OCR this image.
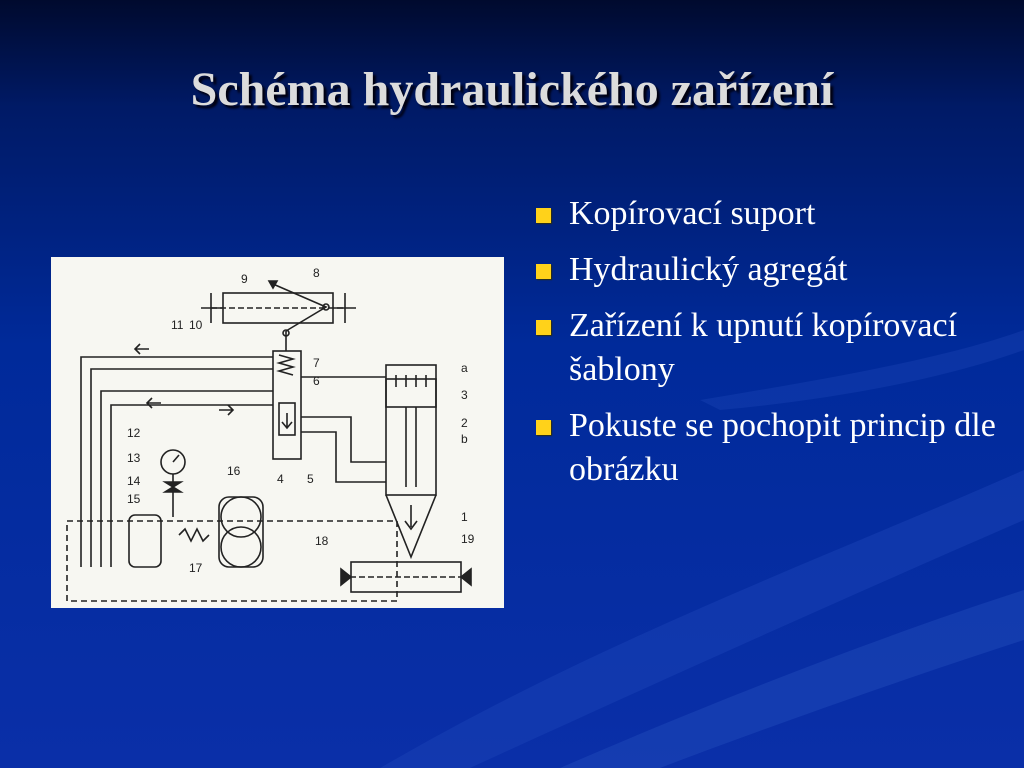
Schéma hydraulického zařízení
9	8
11 10
7
6
12
13
14
15
16
17
18
4 5
a
3
2
b
1
19
Kopírovací suport
Hydraulický agregát
Zařízení k upnutí kopírovací šablony
Pokuste se pochopit princip dle obrázku
